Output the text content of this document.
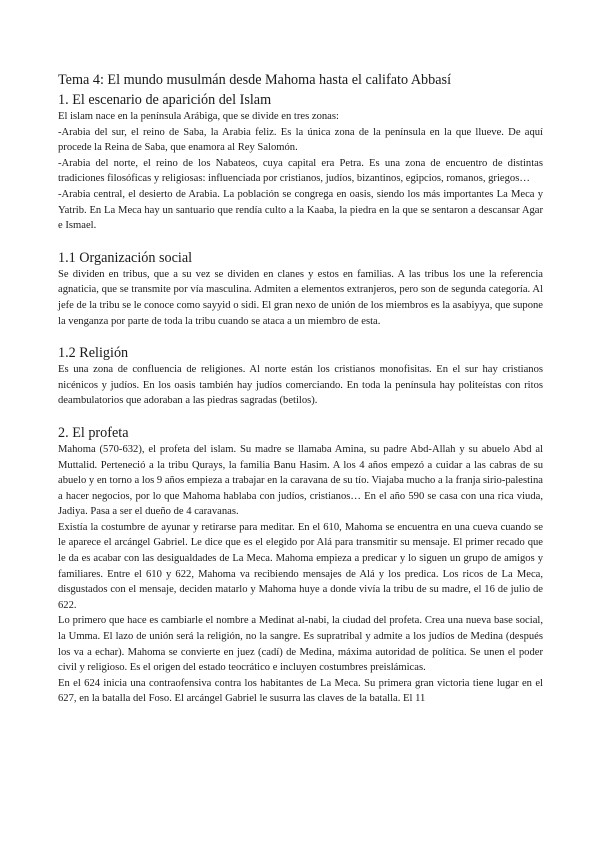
Tema 4: El mundo musulmán desde Mahoma hasta el califato Abbasí
1. El escenario de aparición del Islam

El islam nace en la península Arábiga, que se divide en tres zonas:

-Arabia del sur, el reino de Saba, la Arabia feliz. Es la única zona de la península en la que llueve. De aquí procede la Reina de Saba, que enamora al Rey Salomón.

-Arabia del norte, el reino de los Nabateos, cuya capital era Petra. Es una zona de encuentro de distintas tradiciones filosóficas y religiosas: influenciada por cristianos, judíos, bizantinos, egipcios, romanos, griegos…

-Arabia central, el desierto de Arabia. La población se congrega en oasis, siendo los más importantes La Meca y Yatrib. En La Meca hay un santuario que rendía culto a la Kaaba, la piedra en la que se sentaron a descansar Agar e Ismael.

1.1 Organización social

Se dividen en tribus, que a su vez se dividen en clanes y estos en familias. A las tribus los une la referencia agnaticia, que se transmite por vía masculina. Admiten a elementos extranjeros, pero son de segunda categoría. Al jefe de la tribu se le conoce como sayyid o sidi. El gran nexo de unión de los miembros es la asabiyya, que supone la venganza por parte de toda la tribu cuando se ataca a un miembro de esta.

1.2 Religión

Es una zona de confluencia de religiones. Al norte están los cristianos monofisitas. En el sur hay cristianos nicénicos y judíos. En los oasis también hay judíos comerciando. En toda la península hay politeístas con ritos deambulatorios que adoraban a las piedras sagradas (betilos).

2. El profeta

Mahoma (570-632), el profeta del islam. Su madre se llamaba Amina, su padre Abd-Allah y su abuelo Abd al Muttalid. Perteneció a la tribu Qurays, la familia Banu Hasim. A los 4 años empezó a cuidar a las cabras de su abuelo y en torno a los 9 años empieza a trabajar en la caravana de su tío. Viajaba mucho a la franja sirio-palestina a hacer negocios, por lo que Mahoma hablaba con judíos, cristianos… En el año 590 se casa con una rica viuda, Jadiya. Pasa a ser el dueño de 4 caravanas.

Existía la costumbre de ayunar y retirarse para meditar. En el 610, Mahoma se encuentra en una cueva cuando se le aparece el arcángel Gabriel. Le dice que es el elegido por Alá para transmitir su mensaje. El primer recado que le da es acabar con las desigualdades de La Meca. Mahoma empieza a predicar y lo siguen un grupo de amigos y familiares. Entre el 610 y 622, Mahoma va recibiendo mensajes de Alá y los predica. Los ricos de La Meca, disgustados con el mensaje, deciden matarlo y Mahoma huye a donde vivía la tribu de su madre, el 16 de julio de 622.

Lo primero que hace es cambiarle el nombre a Medinat al-nabi, la ciudad del profeta. Crea una nueva base social, la Umma. El lazo de unión será la religión, no la sangre. Es supratribal y admite a los judíos de Medina (después los va a echar). Mahoma se convierte en juez (cadí) de Medina, máxima autoridad de política. Se unen el poder civil y religioso. Es el origen del estado teocrático e incluyen costumbres preislámicas.

En el 624 inicia una contraofensiva contra los habitantes de La Meca. Su primera gran victoria tiene lugar en el 627, en la batalla del Foso. El arcángel Gabriel le susurra las claves de la batalla. El 11
